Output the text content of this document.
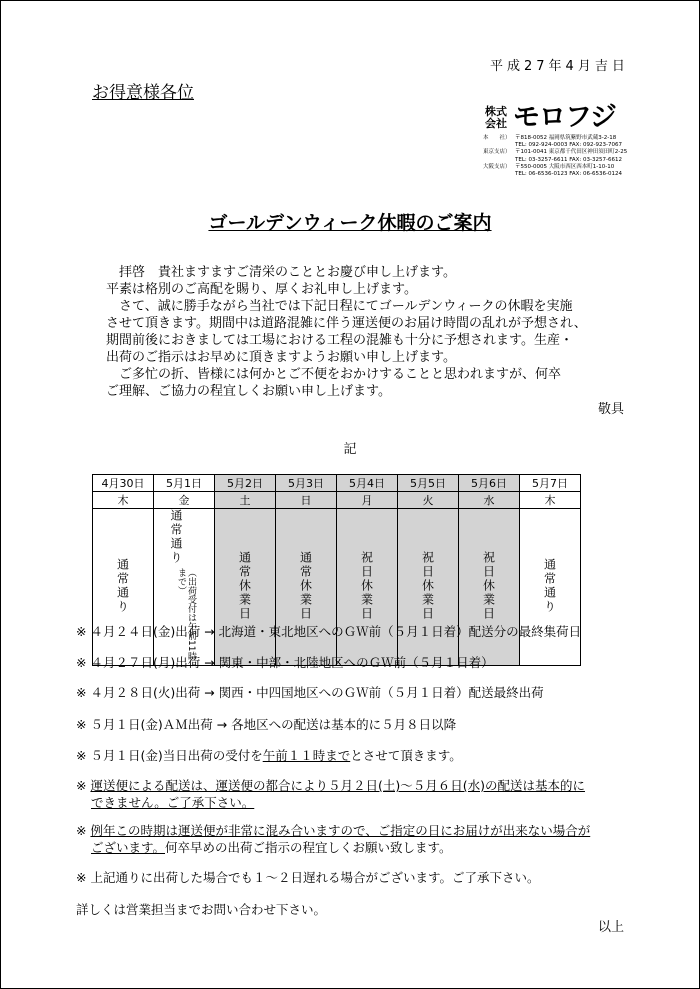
平成27年4月吉日
お得意様各位
株式
会社 モロフジ
本　　社） 〒818-0052 福岡県筑紫野市武蔵3-2-18
TEL: 092-924-0003 FAX: 092-923-7067
東京支店） 〒101-0041 東京都千代田区神田須田町2-25
TEL: 03-3257-6611 FAX: 03-3257-6612
大阪支店） 〒550-0005 大阪市西区西本町1-10-10
TEL: 06-6536-0123 FAX: 06-6536-0124
ゴールデンウィーク休暇のご案内

　拝啓　貴社ますますご清栄のこととお慶び申し上げます。

平素は格別のご高配を賜り、厚くお礼申し上げます。

　さて、誠に勝手ながら当社では下記日程にてゴールデンウィークの休暇を実施

させて頂きます。期間中は道路混雑に伴う運送便のお届け時間の乱れが予想され、

期間前後におきましては工場における工程の混雑も十分に予想されます。生産・

出荷のご指示はお早めに頂きますようお願い申し上げます。

　ご多忙の折、皆様には何かとご不便をおかけすることと思われますが、何卒

ご理解、ご協力の程宜しくお願い申し上げます。

敬具
記
4月30日	5月1日	5月2日	5月3日	5月4日	5月5日	5月6日	5月7日
木	金	土	日	月	火	水	木
通常通り	通常通り （出荷受付は午前11時まで）	通常休業日	通常休業日	祝日休業日	祝日休業日	祝日休業日	通常通り
※ ４月２４日(金)出荷 → 北海道・東北地区へのＧＷ前（５月１日着）配送分の最終集荷日
※ ４月２７日(月)出荷 → 関東・中部・北陸地区へのＧＷ前（５月１日着）
※ ４月２８日(火)出荷 → 関西・中四国地区へのＧＷ前（５月１日着）配送最終出荷
※ ５月１日(金)ＡＭ出荷 → 各地区への配送は基本的に５月８日以降
※ ５月１日(金)当日出荷の受付を午前１１時までとさせて頂きます。
※ 運送便による配送は、運送便の都合により５月２日(土)～５月６日(水)の配送は基本的に
できません。ご了承下さい。
※ 例年この時期は運送便が非常に混み合いますので、ご指定の日にお届けが出来ない場合が
ございます。何卒早めの出荷ご指示の程宜しくお願い致します。
※ 上記通りに出荷した場合でも１～２日遅れる場合がございます。ご了承下さい。
詳しくは営業担当までお問い合わせ下さい。
以上
